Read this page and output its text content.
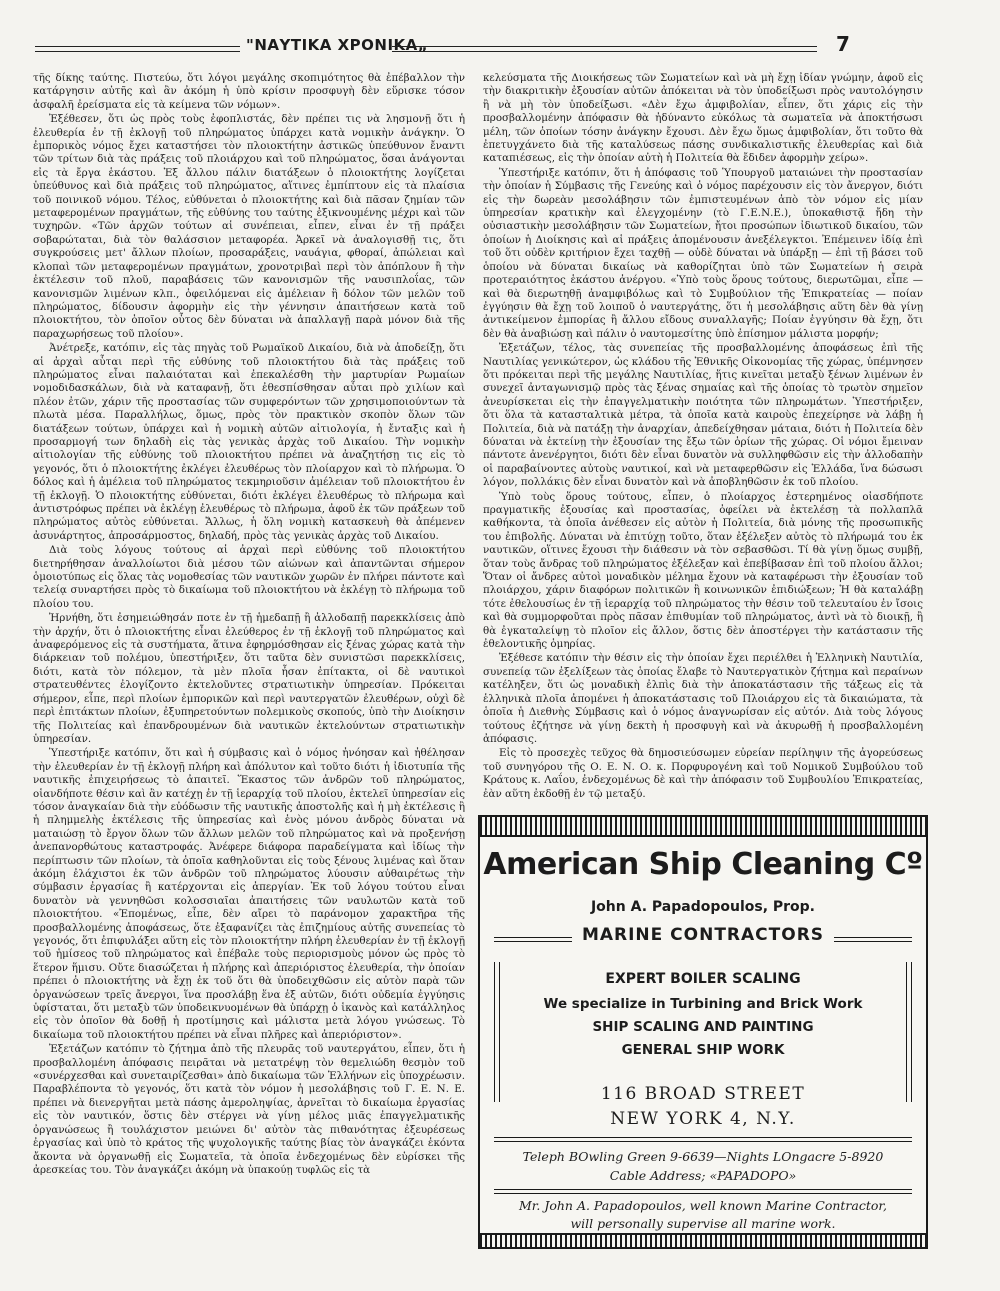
"ΝΑΥΤΙΚΑ ΧΡΟΝΙΚΑ„	7

τῆς δίκης ταύτης. Πιστεύω, ὅτι λόγοι μεγάλης σκοπιμότητος θὰ ἐπέβαλλον τὴν κατάργησιν αὐτῆς καὶ ἂν ἀκόμη ἡ ὑπὸ κρίσιν προσφυγὴ δὲν εὕρισκε τόσον ἀσφαλῆ ἐρείσματα εἰς τὰ κείμενα τῶν νόμων».

Ἐξέθεσεν, ὅτι ὡς πρὸς τοὺς ἐφοπλιστάς, δὲν πρέπει τις νὰ λησμονῇ ὅτι ἡ ἐλευθερία ἐν τῇ ἐκλογῇ τοῦ πληρώματος ὑπάρχει κατὰ νομικὴν ἀνάγκην. Ὁ ἐμπορικὸς νόμος ἔχει καταστήσει τὸν πλοιοκτήτην ἀστικῶς ὑπεύθυνον ἔναντι τῶν τρίτων διὰ τὰς πράξεις τοῦ πλοιάρχου καὶ τοῦ πληρώματος, ὅσαι ἀνάγονται εἰς τὰ ἔργα ἑκάστου. Ἐξ ἄλλου πάλιν διατάξεων ὁ πλοιοκτήτης λογίζεται ὑπεύθυνος καὶ διὰ πράξεις τοῦ πληρώματος, αἵτινες ἐμπίπτουν εἰς τὰ πλαίσια τοῦ ποινικοῦ νόμου. Τέλος, εὐθύνεται ὁ πλοιοκτήτης καὶ διὰ πᾶσαν ζημίαν τῶν μεταφερομένων πραγμάτων, τῆς εὐθύνης του ταύτης ἐξικνουμένης μέχρι καὶ τῶν τυχηρῶν. «Τῶν ἀρχῶν τούτων αἱ συνέπειαι, εἶπεν, εἶναι ἐν τῇ πράξει σοβαρώταται, διὰ τὸν θαλάσσιον μεταφορέα. Ἀρκεῖ νὰ ἀναλογισθῇ τις, ὅτι συγκρούσεις μετ' ἄλλων πλοίων, προσαράξεις, ναυάγια, φθοραί, ἀπώλειαι καὶ κλοπαὶ τῶν μεταφερομένων πραγμάτων, χρονοτριβαὶ περὶ τὸν ἀπόπλουν ἢ τὴν ἐκτέλεσιν τοῦ πλοῦ, παραβάσεις τῶν κανονισμῶν τῆς ναυσιπλοΐας, τῶν κανονισμῶν λιμένων κλπ., ὀφειλόμεναι εἰς ἀμέλειαν ἢ δόλον τῶν μελῶν τοῦ πληρώματος, δίδουσιν ἀφορμὴν εἰς τὴν γέννησιν ἀπαιτήσεων κατὰ τοῦ πλοιοκτήτου, τὸν ὁποῖον οὗτος δὲν δύναται νὰ ἀπαλλαγῇ παρὰ μόνον διὰ τῆς παραχωρήσεως τοῦ πλοίου».

Ἀνέτρεξε, κατόπιν, εἰς τὰς πηγὰς τοῦ Ρωμαϊκοῦ Δικαίου, διὰ νὰ ἀποδείξῃ, ὅτι αἱ ἀρχαὶ αὗται περὶ τῆς εὐθύνης τοῦ πλοιοκτήτου διὰ τὰς πράξεις τοῦ πληρώματος εἶναι παλαιόταται καὶ ἐπεκαλέσθη τὴν μαρτυρίαν Ρωμαίων νομοδιδασκάλων, διὰ νὰ καταφανῇ, ὅτι ἐθεσπίσθησαν αὗται πρὸ χιλίων καὶ πλέον ἐτῶν, χάριν τῆς προστασίας τῶν συμφερόντων τῶν χρησιμοποιούντων τὰ πλωτὰ μέσα. Παραλλήλως, ὅμως, πρὸς τὸν πρακτικὸν σκοπὸν ὅλων τῶν διατάξεων τούτων, ὑπάρχει καὶ ἡ νομικὴ αὐτῶν αἰτιολογία, ἡ ἔνταξις καὶ ἡ προσαρμογή των δηλαδὴ εἰς τὰς γενικὰς ἀρχὰς τοῦ Δικαίου. Τὴν νομικὴν αἰτιολογίαν τῆς εὐθύνης τοῦ πλοιοκτήτου πρέπει νὰ ἀναζητήσῃ τις εἰς τὸ γεγονός, ὅτι ὁ πλοιοκτήτης ἐκλέγει ἐλευθέρως τὸν πλοίαρχον καὶ τὸ πλήρωμα. Ὁ δόλος καὶ ἡ ἀμέλεια τοῦ πληρώματος τεκμηριοῦσιν ἀμέλειαν τοῦ πλοιοκτήτου ἐν τῇ ἐκλογῇ. Ὁ πλοιοκτήτης εὐθύνεται, διότι ἐκλέγει ἐλευθέρως τὸ πλήρωμα καὶ ἀντιστρόφως πρέπει νὰ ἐκλέγῃ ἐλευθέρως τὸ πλήρωμα, ἀφοῦ ἐκ τῶν πράξεων τοῦ πληρώματος αὐτὸς εὐθύνεται. Ἄλλως, ἡ ὅλη νομικὴ κατασκευὴ θὰ ἀπέμενεν ἀσυνάρτητος, ἀπροσάρμοστος, δηλαδή, πρὸς τὰς γενικὰς ἀρχὰς τοῦ Δικαίου.

Διὰ τοὺς λόγους τούτους αἱ ἀρχαὶ περὶ εὐθύνης τοῦ πλοιοκτήτου διετηρήθησαν ἀναλλοίωτοι διὰ μέσου τῶν αἰώνων καὶ ἀπαντῶνται σήμερον ὁμοιοτύπως εἰς ὅλας τὰς νομοθεσίας τῶν ναυτικῶν χωρῶν ἐν πλήρει πάντοτε καὶ τελείᾳ συναρτήσει πρὸς τὸ δικαίωμα τοῦ πλοιοκτήτου νὰ ἐκλέγῃ τὸ πλήρωμα τοῦ πλοίου του.

Ἠρνήθη, ὅτι ἐσημειώθησάν ποτε ἐν τῇ ἡμεδαπῇ ἢ ἀλλοδαπῇ παρεκκλίσεις ἀπὸ τὴν ἀρχήν, ὅτι ὁ πλοιοκτήτης εἶναι ἐλεύθερος ἐν τῇ ἐκλογῇ τοῦ πληρώματος καὶ ἀναφερόμενος εἰς τὰ συστήματα, ἅτινα ἐφηρμόσθησαν εἰς ξένας χώρας κατὰ τὴν διάρκειαν τοῦ πολέμου, ὑπεστήριξεν, ὅτι ταῦτα δὲν συνιστῶσι παρεκκλίσεις, διότι, κατὰ τὸν πόλεμον, τὰ μὲν πλοῖα ἦσαν ἐπίτακτα, οἱ δὲ ναυτικοὶ στρατευθέντες ἐλογίζοντο ἐκτελοῦντες στρατιωτικὴν ὑπηρεσίαν. Πρόκειται σήμερον, εἶπε, περὶ πλοίων ἐμπορικῶν καὶ περὶ ναυτεργατῶν ἐλευθέρων, οὐχὶ δὲ περὶ ἐπιτάκτων πλοίων, ἐξυπηρετούντων πολεμικοὺς σκοπούς, ὑπὸ τὴν Διοίκησιν τῆς Πολιτείας καὶ ἐπανδρουμένων διὰ ναυτικῶν ἐκτελούντων στρατιωτικὴν ὑπηρεσίαν.

Ὑπεστήριξε κατόπιν, ὅτι καὶ ἡ σύμβασις καὶ ὁ νόμος ἠνόησαν καὶ ἠθέλησαν τὴν ἐλευθερίαν ἐν τῇ ἐκλογῇ πλήρη καὶ ἀπόλυτον καὶ τοῦτο διότι ἡ ἰδιοτυπία τῆς ναυτικῆς ἐπιχειρήσεως τὸ ἀπαιτεῖ. Ἕκαστος τῶν ἀνδρῶν τοῦ πληρώματος, οἱανδήποτε θέσιν καὶ ἂν κατέχῃ ἐν τῇ ἱεραρχίᾳ τοῦ πλοίου, ἐκτελεῖ ὑπηρεσίαν εἰς τόσον ἀναγκαίαν διὰ τὴν εὐόδωσιν τῆς ναυτικῆς ἀποστολῆς καὶ ἡ μὴ ἐκτέλεσις ἢ ἡ πλημμελὴς ἐκτέλεσις τῆς ὑπηρεσίας καὶ ἑνὸς μόνου ἀνδρὸς δύναται νὰ ματαιώσῃ τὸ ἔργον ὅλων τῶν ἄλλων μελῶν τοῦ πληρώματος καὶ νὰ προξενήσῃ ἀνεπανορθώτους καταστροφάς. Ἀνέφερε διάφορα παραδείγματα καὶ ἰδίως τὴν περίπτωσιν τῶν πλοίων, τὰ ὁποῖα καθηλοῦνται εἰς τοὺς ξένους λιμένας καὶ ὅταν ἀκόμη ἐλάχιστοι ἐκ τῶν ἀνδρῶν τοῦ πληρώματος λύουσιν αὐθαιρέτως τὴν σύμβασιν ἐργασίας ἢ κατέρχονται εἰς ἀπεργίαν. Ἐκ τοῦ λόγου τούτου εἶναι δυνατὸν νὰ γεννηθῶσι κολοσσιαῖαι ἀπαιτήσεις τῶν ναυλωτῶν κατὰ τοῦ πλοιοκτήτου. «Ἐπομένως, εἶπε, δὲν αἴρει τὸ παράνομον χαρακτῆρα τῆς προσβαλλομένης ἀποφάσεως, ὅτε ἐξαφανίζει τὰς ἐπιζημίους αὐτῆς συνεπείας τὸ γεγονός, ὅτι ἐπιφυλάξει αὕτη εἰς τὸν πλοιοκτήτην πλήρη ἐλευθερίαν ἐν τῇ ἐκλογῇ τοῦ ἡμίσεος τοῦ πληρώματος καὶ ἐπέβαλε τοὺς περιορισμοὺς μόνον ὡς πρὸς τὸ ἕτερον ἥμισυ. Οὔτε διασώζεται ἡ πλήρης καὶ ἀπεριόριστος ἐλευθερία, τὴν ὁποίαν πρέπει ὁ πλοιοκτήτης νὰ ἔχῃ ἐκ τοῦ ὅτι θὰ ὑποδειχθῶσιν εἰς αὐτὸν παρὰ τῶν ὀργανώσεων τρεῖς ἄνεργοι, ἵνα προσλάβῃ ἕνα ἐξ αὐτῶν, διότι οὐδεμία ἐγγύησις ὑφίσταται, ὅτι μεταξὺ τῶν ὑποδεικνυομένων θὰ ὑπάρχῃ ὁ ἱκανὸς καὶ κατάλληλος εἰς τὸν ὁποῖον θὰ δοθῇ ἡ προτίμησις καὶ μάλιστα μετὰ λόγου γνώσεως. Τὸ δικαίωμα τοῦ πλοιοκτήτου πρέπει νὰ εἶναι πλῆρες καὶ ἀπεριόριστον».

Ἐξετάζων κατόπιν τὸ ζήτημα ἀπὸ τῆς πλευρᾶς τοῦ ναυτεργάτου, εἶπεν, ὅτι ἡ προσβαλλομένη ἀπόφασις πειρᾶται νὰ μετατρέψῃ τὸν θεμελιώδη θεσμὸν τοῦ «συνέρχεσθαι καὶ συνεταιρίζεσθαι» ἀπὸ δικαίωμα τῶν Ἑλλήνων εἰς ὑποχρέωσιν. Παραβλέποντα τὸ γεγονός, ὅτι κατὰ τὸν νόμον ἡ μεσολάβησις τοῦ Γ. Ε. Ν. Ε. πρέπει νὰ διενεργῆται μετὰ πάσης ἀμεροληψίας, ἀρνεῖται τὸ δικαίωμα ἐργασίας εἰς τὸν ναυτικόν, ὅστις δὲν στέργει νὰ γίνῃ μέλος μιᾶς ἐπαγγελματικῆς ὀργανώσεως ἢ τουλάχιστον μειώνει δι' αὐτὸν τὰς πιθανότητας ἐξευρέσεως ἐργασίας καὶ ὑπὸ τὸ κράτος τῆς ψυχολογικῆς ταύτης βίας τὸν ἀναγκάζει ἑκόντα ἄκοντα νὰ ὀργανωθῇ εἰς Σωματεῖα, τὰ ὁποῖα ἐνδεχομένως δὲν εὑρίσκει τῆς ἀρεσκείας του. Τὸν ἀναγκάζει ἀκόμη νὰ ὑπακούῃ τυφλῶς εἰς τὰ

κελεύσματα τῆς Διοικήσεως τῶν Σωματείων καὶ νὰ μὴ ἔχῃ ἰδίαν γνώμην, ἀφοῦ εἰς τὴν διακριτικὴν ἐξουσίαν αὐτῶν ἀπόκειται νὰ τὸν ὑποδείξωσι πρὸς ναυτολόγησιν ἢ νὰ μὴ τὸν ὑποδείξωσι. «Δὲν ἔχω ἀμφιβολίαν, εἶπεν, ὅτι χάρις εἰς τὴν προσβαλλομένην ἀπόφασιν θὰ ἠδύναντο εὐκόλως τὰ σωματεῖα νὰ ἀποκτήσωσι μέλη, τῶν ὁποίων τόσην ἀνάγκην ἔχουσι. Δὲν ἔχω ὅμως ἀμφιβολίαν, ὅτι τοῦτο θὰ ἐπετυγχάνετο διὰ τῆς καταλύσεως πάσης συνδικαλιστικῆς ἐλευθερίας καὶ διὰ καταπιέσεως, εἰς τὴν ὁποίαν αὐτὴ ἡ Πολιτεία θὰ ἔδιδεν ἀφορμὴν χείρω».

Ὑπεστήριξε κατόπιν, ὅτι ἡ ἀπόφασις τοῦ Ὑπουργοῦ ματαιώνει τὴν προστασίαν τὴν ὁποίαν ἡ Σύμβασις τῆς Γενεύης καὶ ὁ νόμος παρέχουσιν εἰς τὸν ἄνεργον, διότι εἰς τὴν δωρεὰν μεσολάβησιν τῶν ἐμπιστευμένων ἀπὸ τὸν νόμον εἰς μίαν ὑπηρεσίαν κρατικὴν καὶ ἐλεγχομένην (τὸ Γ.Ε.Ν.Ε.), ὑποκαθιστᾷ ἤδη τὴν οὐσιαστικὴν μεσολάβησιν τῶν Σωματείων, ἤτοι προσώπων ἰδιωτικοῦ δικαίου, τῶν ὁποίων ἡ Διοίκησις καὶ αἱ πράξεις ἀπομένουσιν ἀνεξέλεγκτοι. Ἐπέμεινεν ἰδίᾳ ἐπὶ τοῦ ὅτι οὐδὲν κριτήριον ἔχει ταχθῇ — οὐδὲ δύναται νὰ ὑπάρξῃ — ἐπὶ τῇ βάσει τοῦ ὁποίου νὰ δύναται δικαίως νὰ καθορίζηται ὑπὸ τῶν Σωματείων ἡ σειρὰ προτεραιότητος ἑκάστου ἀνέργου. «Ὑπὸ τοὺς ὅρους τούτους, διερωτῶμαι, εἶπε — καὶ θὰ διερωτηθῇ ἀναμφιβόλως καὶ τὸ Συμβούλιον τῆς Ἐπικρατείας — ποίαν ἐγγύησιν θὰ ἔχῃ τοῦ λοιποῦ ὁ ναυτεργάτης, ὅτι ἡ μεσολάβησις αὕτη δὲν θὰ γίνῃ ἀντικείμενον ἐμπορίας ἢ ἄλλου εἴδους συναλλαγῆς; Ποίαν ἐγγύησιν θὰ ἔχῃ, ὅτι δὲν θὰ ἀναβιώσῃ καὶ πάλιν ὁ ναυτομεσίτης ὑπὸ ἐπίσημον μάλιστα μορφήν;

Ἐξετάζων, τέλος, τὰς συνεπείας τῆς προσβαλλομένης ἀποφάσεως ἐπὶ τῆς Ναυτιλίας γενικώτερον, ὡς κλάδου τῆς Ἐθνικῆς Οἰκονομίας τῆς χώρας, ὑπέμνησεν ὅτι πρόκειται περὶ τῆς μεγάλης Ναυτιλίας, ἥτις κινεῖται μεταξὺ ξένων λιμένων ἐν συνεχεῖ ἀνταγωνισμῷ πρὸς τὰς ξένας σημαίας καὶ τῆς ὁποίας τὸ τρωτὸν σημεῖον ἀνευρίσκεται εἰς τὴν ἐπαγγελματικὴν ποιότητα τῶν πληρωμάτων. Ὑπεστήριξεν, ὅτι ὅλα τὰ κατασταλτικὰ μέτρα, τὰ ὁποῖα κατὰ καιροὺς ἐπεχείρησε νὰ λάβῃ ἡ Πολιτεία, διὰ νὰ πατάξῃ τὴν ἀναρχίαν, ἀπεδείχθησαν μάταια, διότι ἡ Πολιτεία δὲν δύναται νὰ ἐκτείνῃ τὴν ἐξουσίαν της ἔξω τῶν ὁρίων τῆς χώρας. Οἱ νόμοι ἔμειναν πάντοτε ἀνενέργητοι, διότι δὲν εἶναι δυνατὸν νὰ συλληφθῶσιν εἰς τὴν ἀλλοδαπὴν οἱ παραβαίνοντες αὐτοὺς ναυτικοί, καὶ νὰ μεταφερθῶσιν εἰς Ἑλλάδα, ἵνα δώσωσι λόγον, πολλάκις δὲν εἶναι δυνατὸν καὶ νὰ ἀποβληθῶσιν ἐκ τοῦ πλοίου.

Ὑπὸ τοὺς ὅρους τούτους, εἶπεν, ὁ πλοίαρχος ἐστερημένος οἱασδήποτε πραγματικῆς ἐξουσίας καὶ προστασίας, ὀφείλει νὰ ἐκτελέσῃ τὰ πολλαπλᾶ καθήκοντα, τὰ ὁποῖα ἀνέθεσεν εἰς αὐτὸν ἡ Πολιτεία, διὰ μόνης τῆς προσωπικῆς του ἐπιβολῆς. Δύναται νὰ ἐπιτύχῃ τοῦτο, ὅταν ἐξέλεξεν αὐτὸς τὸ πλήρωμά του ἐκ ναυτικῶν, οἵτινες ἔχουσι τὴν διάθεσιν νὰ τὸν σεβασθῶσι. Τί θὰ γίνῃ ὅμως συμβῇ, ὅταν τοὺς ἄνδρας τοῦ πληρώματος ἐξέλεξαν καὶ ἐπεβίβασαν ἐπὶ τοῦ πλοίου ἄλλοι; Ὅταν οἱ ἄνδρες αὐτοὶ μοναδικὸν μέλημα ἔχουν νὰ καταφέρωσι τὴν ἐξουσίαν τοῦ πλοιάρχου, χάριν διαφόρων πολιτικῶν ἢ κοινωνικῶν ἐπιδιώξεων; Ἡ θὰ καταλάβῃ τότε ἐθελουσίως ἐν τῇ ἱεραρχίᾳ τοῦ πληρώματος τὴν θέσιν τοῦ τελευταίου ἐν ἴσοις καὶ θὰ συμμορφοῦται πρὸς πᾶσαν ἐπιθυμίαν τοῦ πληρώματος, ἀντὶ νὰ τὸ διοικῇ, ἢ θὰ ἐγκαταλείψῃ τὸ πλοῖον εἰς ἄλλον, ὅστις δὲν ἀποστέργει τὴν κατάστασιν τῆς ἐθελοντικῆς ὁμηρίας.

Ἐξέθεσε κατόπιν τὴν θέσιν εἰς τὴν ὁποίαν ἔχει περιέλθει ἡ Ἑλληνικὴ Ναυτιλία, συνεπείᾳ τῶν ἐξελίξεων τὰς ὁποίας ἔλαβε τὸ Ναυτεργατικὸν ζήτημα καὶ περαίνων κατέληξεν, ὅτι ὡς μοναδικὴ ἐλπὶς διὰ τὴν ἀποκατάστασιν τῆς τάξεως εἰς τὰ ἑλληνικὰ πλοῖα ἀπομένει ἡ ἀποκατάστασις τοῦ Πλοιάρχου εἰς τὰ δικαιώματα, τὰ ὁποῖα ἡ Διεθνὴς Σύμβασις καὶ ὁ νόμος ἀναγνωρίσαν εἰς αὐτόν. Διὰ τοὺς λόγους τούτους ἐζήτησε νὰ γίνῃ δεκτὴ ἡ προσφυγὴ καὶ νὰ ἀκυρωθῇ ἡ προσβαλλομένη ἀπόφασις.

Εἰς τὸ προσεχὲς τεῦχος θὰ δημοσιεύσωμεν εὐρείαν περίληψιν τῆς ἀγορεύσεως τοῦ συνηγόρου τῆς Ο. Ε. Ν. Ο. κ. Πορφυρογένη καὶ τοῦ Νομικοῦ Συμβούλου τοῦ Κράτους κ. Λαΐου, ἐνδεχομένως δὲ καὶ τὴν ἀπόφασιν τοῦ Συμβουλίου Ἐπικρατείας, ἐὰν αὕτη ἐκδοθῇ ἐν τῷ μεταξύ.

American Ship Cleaning Cº
John A. Papadopoulos, Prop.
MARINE CONTRACTORS
EXPERT BOILER SCALING
We specialize in Turbining and Brick Work
SHIP SCALING AND PAINTING
GENERAL SHIP WORK
116 BROAD STREET
NEW YORK 4, N.Y.
Teleph BOwling Green 9-6639—Nights LOngacre 5-8920
Cable Address; «PAPADOPO»
Mr. John A. Papadopoulos, well known Marine Contractor,
will personally supervise all marine work.
